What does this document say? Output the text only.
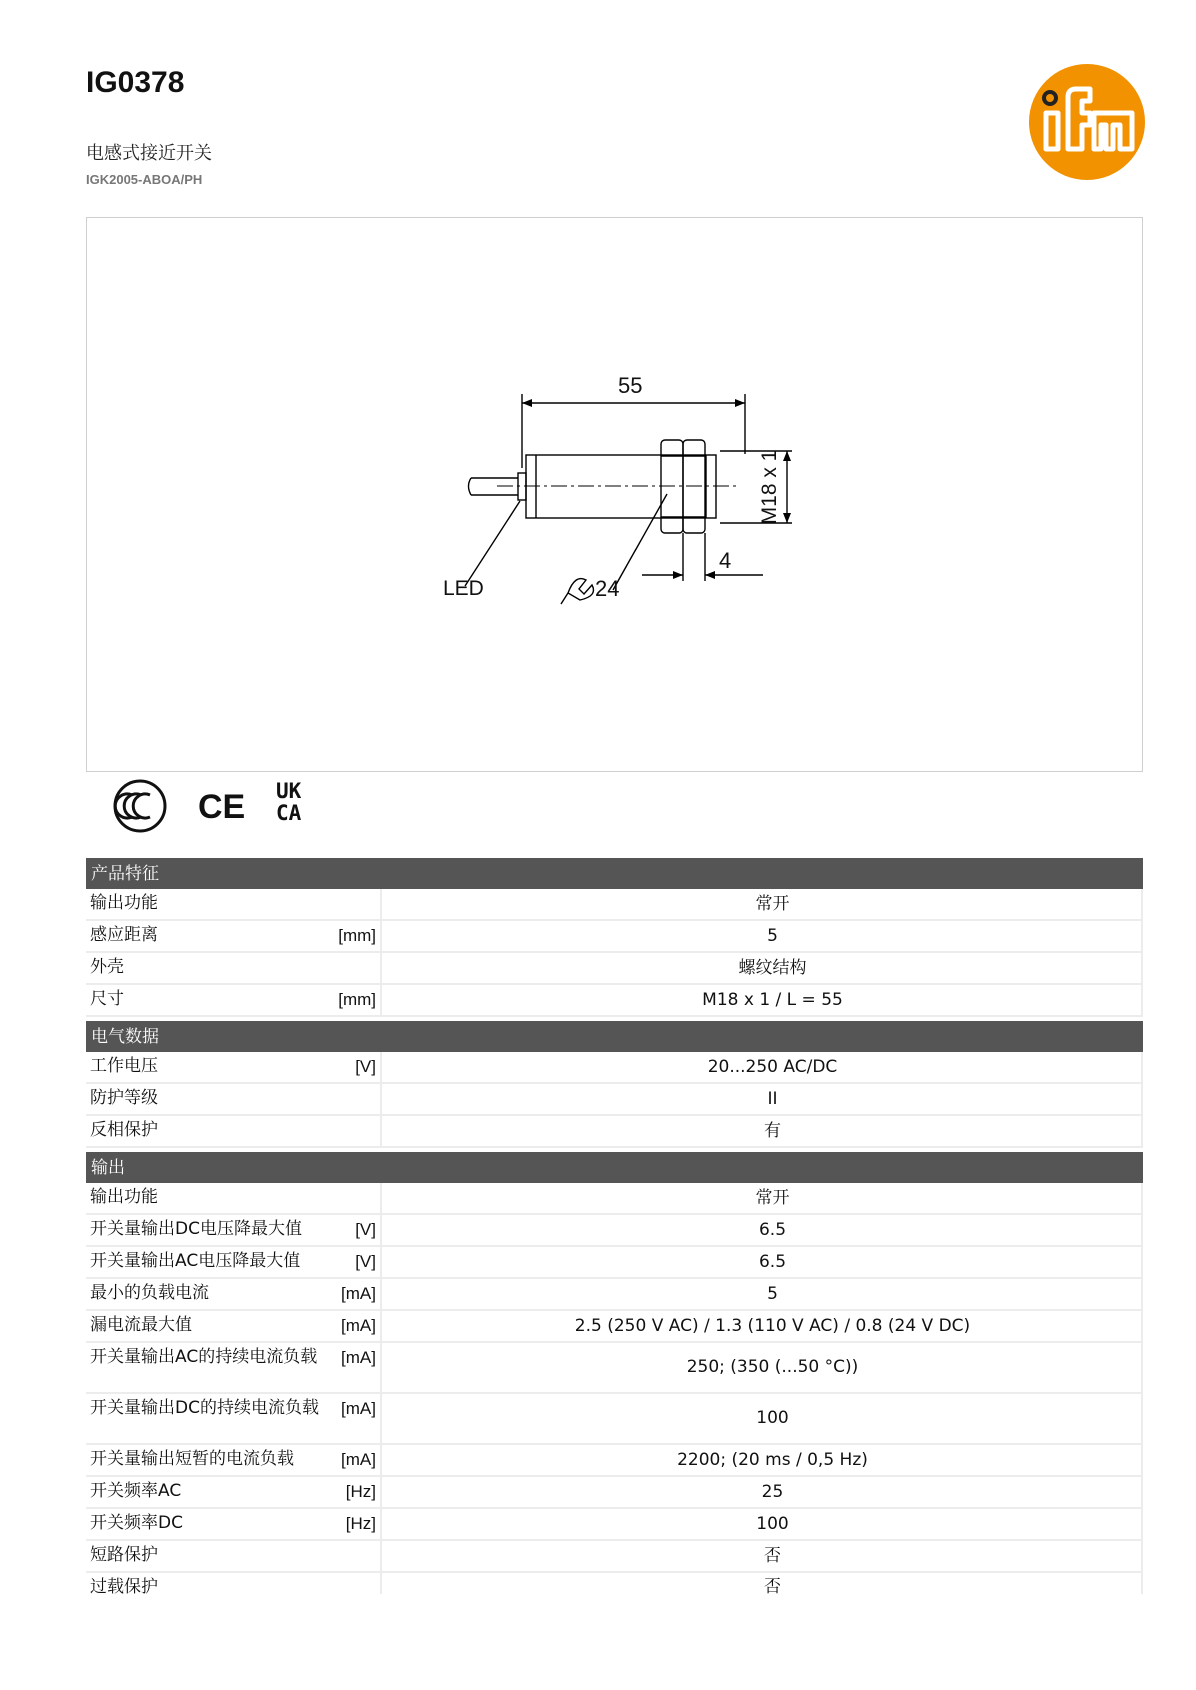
IG0378
电感式接近开关
IGK2005-ABOA/PH
55
M18 x 1
4
24
LED
CE UK CA
产品特征
输出功能	常开
感应距离	[mm]	5
外壳	螺纹结构
尺寸	[mm]	M18 x 1 / L = 55
电气数据
工作电压	[V]	20...250 AC/DC
防护等级	II
反相保护	有
输出
输出功能	常开
开关量输出DC电压降最大值	[V]	6.5
开关量输出AC电压降最大值	[V]	6.5
最小的负载电流	[mA]	5
漏电流最大值	[mA]	2.5 (250 V AC) / 1.3 (110 V AC) / 0.8 (24 V DC)
开关量输出AC的持续电流负载	[mA]	250; (350 (...50 °C))
开关量输出DC的持续电流负载	[mA]	100
开关量输出短暂的电流负载	[mA]	2200; (20 ms / 0,5 Hz)
开关频率AC	[Hz]	25
开关频率DC	[Hz]	100
短路保护	否
过载保护	否
